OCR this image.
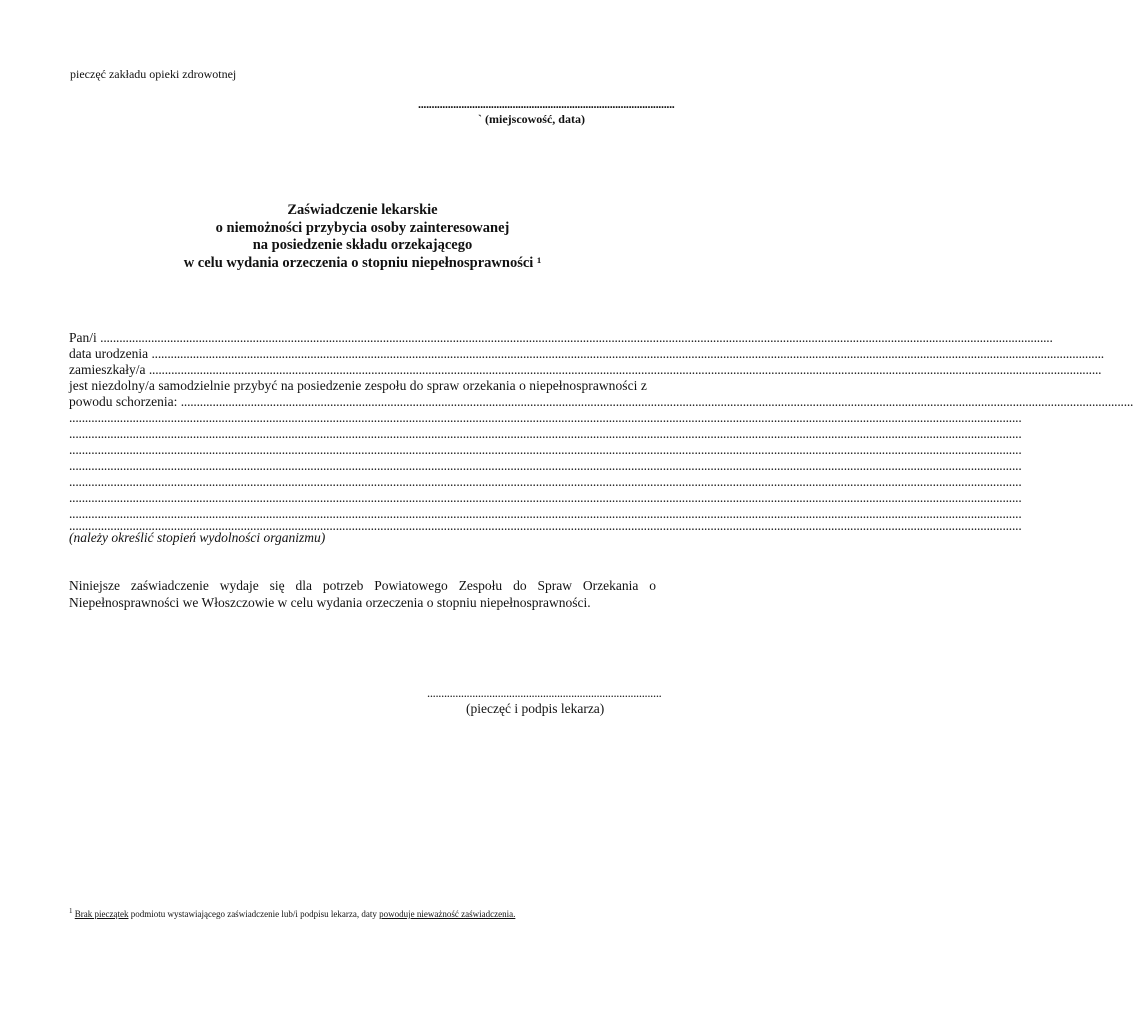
pieczęć zakładu opieki zdrowotnej
...............................................................................................
` (miejscowość, data)
Zaświadczenie lekarskie
o niemożności przybycia osoby zainteresowanej
na posiedzenie składu orzekającego
w celu wydania orzeczenia o stopniu niepełnosprawności ¹
Pan/i ............................................................................................................................................................................................................................................................................................................
data urodzenia ............................................................................................................................................................................................................................................................................................................
zamieszkały/a ............................................................................................................................................................................................................................................................................................................
jest niezdolny/a samodzielnie przybyć na posiedzenie zespołu do spraw orzekania o niepełnosprawności z
powodu schorzenia: ............................................................................................................................................................................................................................................................................................................
............................................................................................................................................................................................................................................................................................................
............................................................................................................................................................................................................................................................................................................
............................................................................................................................................................................................................................................................................................................
............................................................................................................................................................................................................................................................................................................
............................................................................................................................................................................................................................................................................................................
............................................................................................................................................................................................................................................................................................................
............................................................................................................................................................................................................................................................................................................
............................................................................................................................................................................................................................................................................................................
(należy określić stopień wydolności organizmu)
Niniejsze zaświadczenie wydaje się dla potrzeb Powiatowego Zespołu do Spraw Orzekania o Niepełnosprawności we Włoszczowie w celu wydania orzeczenia o stopniu niepełnosprawności.
...................................................................................
(pieczęć i podpis lekarza)
$^1$ Brak pieczątek podmiotu wystawiającego zaświadczenie lub/i podpisu lekarza, daty powoduje nieważność zaświadczenia.
